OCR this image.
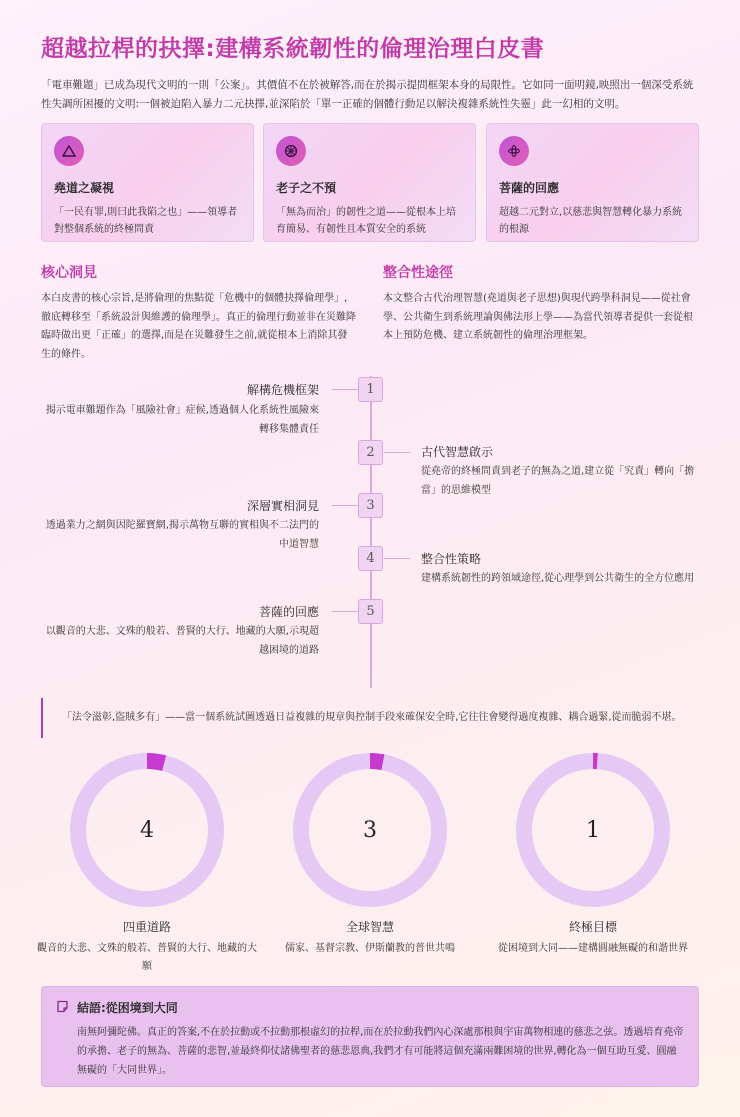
超越拉桿的抉擇:建構系統韌性的倫理治理白皮書

「電車難題」已成為現代文明的一則「公案」。其價值不在於被解答,而在於揭示提問框架本身的局限性。它如同一面明鏡,映照出一個深受系統性失調所困擾的文明:一個被迫陷入暴力二元抉擇,並深陷於「單一正確的個體行動足以解決複雜系統性失靈」此一幻相的文明。

堯道之凝視
「一民有罪,則曰此我陷之也」——領導者對整個系統的終極問責
老子之不預
「無為而治」的韌性之道——從根本上培育簡易、有韌性且本質安全的系統
菩薩的回應
超越二元對立,以慈悲與智慧轉化暴力系統的根源
核心洞見

本白皮書的核心宗旨,是將倫理的焦點從「危機中的個體抉擇倫理學」,徹底轉移至「系統設計與維護的倫理學」。真正的倫理行動並非在災難降臨時做出更「正確」的選擇,而是在災難發生之前,就從根本上消除其發生的條件。

整合性途徑

本文整合古代治理智慧(堯道與老子思想)與現代跨學科洞見——從社會學、公共衛生到系統理論與佛法形上學——為當代領導者提供一套從根本上預防危機、建立系統韌性的倫理治理框架。

1
解構危機框架
揭示電車難題作為「風險社會」症候,透過個人化系統性風險來轉移集體責任
2	古代智慧啟示
從堯帝的終極問責到老子的無為之道,建立從「究責」轉向「擔當」的思維模型
3
深層實相洞見
透過業力之網與因陀羅寶網,揭示萬物互聯的實相與不二法門的中道智慧
4	整合性策略
建構系統韌性的跨領域途徑,從心理學到公共衛生的全方位應用
5
菩薩的回應
以觀音的大悲、文殊的般若、普賢的大行、地藏的大願,示現超越困境的道路
「法令滋彰,盜賊多有」——當一個系統試圖透過日益複雜的規章與控制手段來確保安全時,它往往會變得過度複雜、耦合過緊,從而脆弱不堪。
4	3	1
四重道路
觀音的大悲、文殊的般若、普賢的大行、地藏的大願
全球智慧
儒家、基督宗教、伊斯蘭教的普世共鳴
終極目標
從困境到大同——建構圓融無礙的和諧世界
結語:從困境到大同

南無阿彌陀佛。真正的答案,不在於拉動或不拉動那根虛幻的拉桿,而在於拉動我們內心深處那根與宇宙萬物相連的慈悲之弦。透過培育堯帝的承擔、老子的無為、菩薩的悲智,並最終仰仗諸佛聖者的慈悲恩典,我們才有可能將這個充滿兩難困境的世界,轉化為一個互助互愛、圓融無礙的「大同世界」。
